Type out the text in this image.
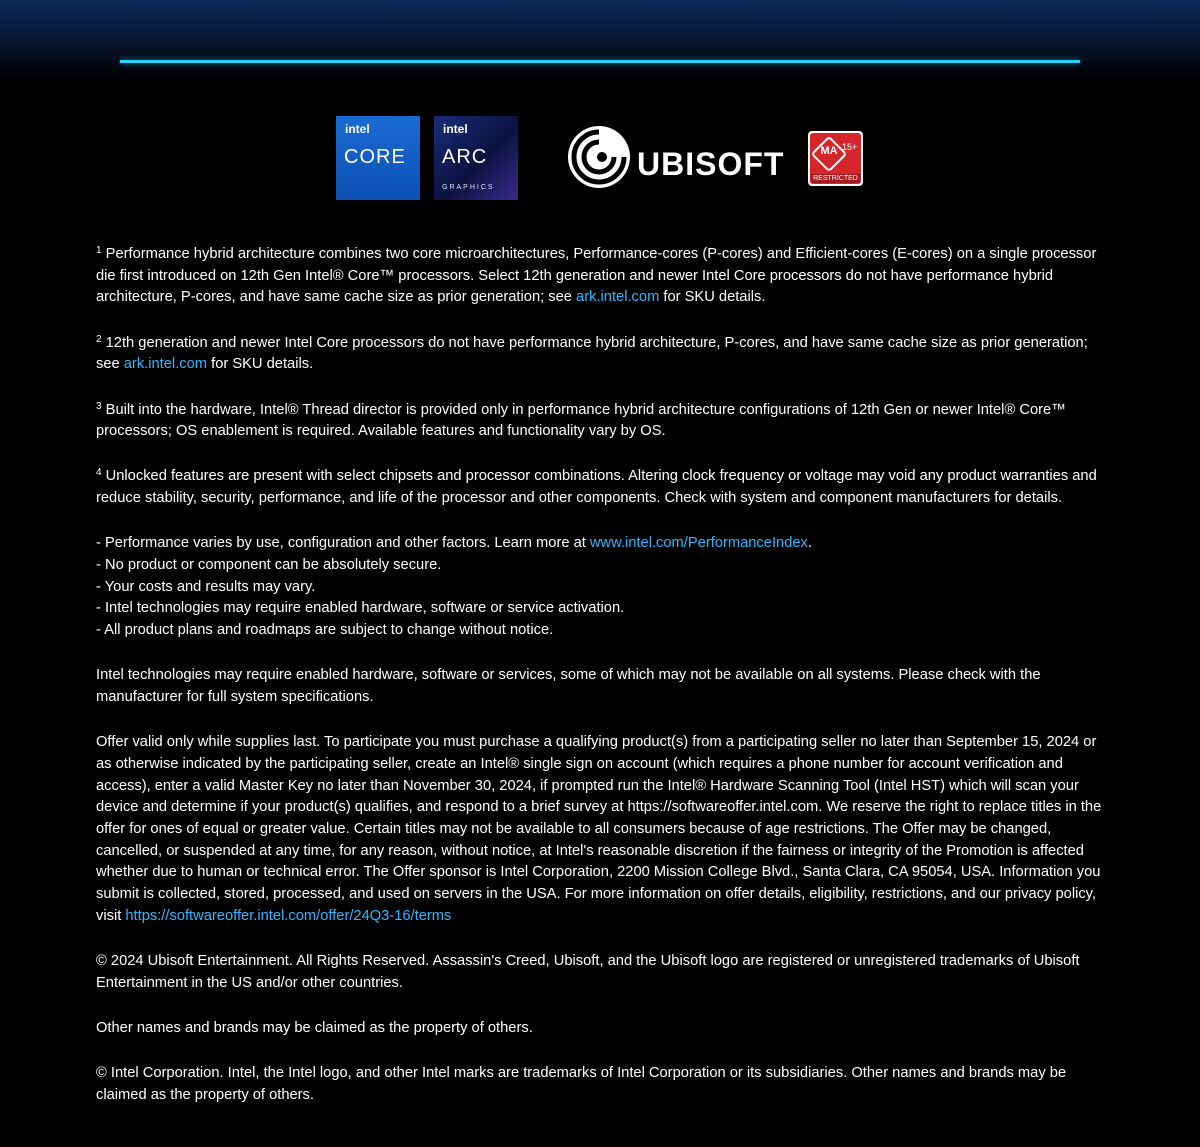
intel
CORE
intel
ARC
GRAPHICS
UBISOFT	MA 15+
RESTRICTED

$^1$ Performance hybrid architecture combines two core microarchitectures, Performance-cores (P-cores) and Efficient-cores (E-cores) on a single processor die first introduced on 12th Gen Intel® Core™ processors. Select 12th generation and newer Intel Core processors do not have performance hybrid architecture, P-cores, and have same cache size as prior generation; see ark.intel.com for SKU details.

$^2$ 12th generation and newer Intel Core processors do not have performance hybrid architecture, P-cores, and have same cache size as prior generation; see ark.intel.com for SKU details.

$^3$ Built into the hardware, Intel® Thread director is provided only in performance hybrid architecture configurations of 12th Gen or newer Intel® Core™ processors; OS enablement is required. Available features and functionality vary by OS.

$^4$ Unlocked features are present with select chipsets and processor combinations. Altering clock frequency or voltage may void any product warranties and reduce stability, security, performance, and life of the processor and other components. Check with system and component manufacturers for details.

- Performance varies by use, configuration and other factors. Learn more at www.intel.com/PerformanceIndex.
- No product or component can be absolutely secure.
- Your costs and results may vary.
- Intel technologies may require enabled hardware, software or service activation.
- All product plans and roadmaps are subject to change without notice.

Intel technologies may require enabled hardware, software or services, some of which may not be available on all systems. Please check with the manufacturer for full system specifications.

Offer valid only while supplies last. To participate you must purchase a qualifying product(s) from a participating seller no later than September 15, 2024 or as otherwise indicated by the participating seller, create an Intel® single sign on account (which requires a phone number for account verification and access), enter a valid Master Key no later than November 30, 2024, if prompted run the Intel® Hardware Scanning Tool (Intel HST) which will scan your device and determine if your product(s) qualifies, and respond to a brief survey at https://softwareoffer.intel.com. We reserve the right to replace titles in the offer for ones of equal or greater value. Certain titles may not be available to all consumers because of age restrictions. The Offer may be changed, cancelled, or suspended at any time, for any reason, without notice, at Intel's reasonable discretion if the fairness or integrity of the Promotion is affected whether due to human or technical error. The Offer sponsor is Intel Corporation, 2200 Mission College Blvd., Santa Clara, CA 95054, USA. Information you submit is collected, stored, processed, and used on servers in the USA. For more information on offer details, eligibility, restrictions, and our privacy policy, visit https://softwareoffer.intel.com/offer/24Q3-16/terms

© 2024 Ubisoft Entertainment. All Rights Reserved. Assassin's Creed, Ubisoft, and the Ubisoft logo are registered or unregistered trademarks of Ubisoft Entertainment in the US and/or other countries.

Other names and brands may be claimed as the property of others.

© Intel Corporation. Intel, the Intel logo, and other Intel marks are trademarks of Intel Corporation or its subsidiaries. Other names and brands may be claimed as the property of others.
